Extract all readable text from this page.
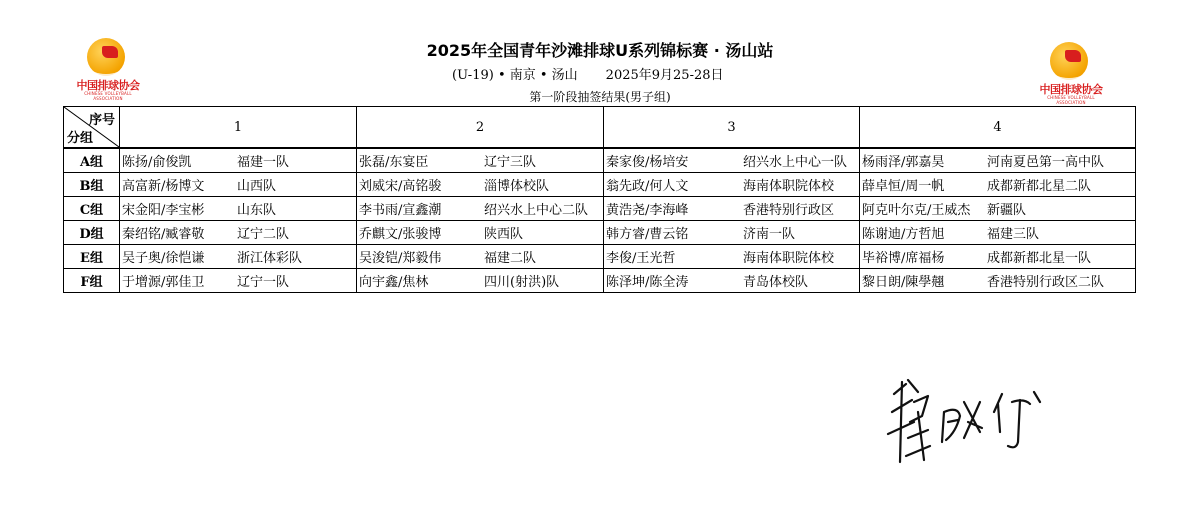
中国排球协会
CHINESE VOLLEYBALL ASSOCIATION
中国排球协会
CHINESE VOLLEYBALL ASSOCIATION
2025年全国青年沙滩排球U系列锦标赛 · 汤山站
(U-19) • 南京 • 汤山 2025年9月25-28日
第一阶段抽签结果(男子组)
序号
分组	1	2	3	4
A组	陈扬/俞俊凯 福建一队	张磊/东宴臣 辽宁三队	秦家俊/杨培安 绍兴水上中心一队	杨雨泽/郭嘉昊 河南夏邑第一高中队
B组	高富新/杨博文 山西队	刘威宋/高铭骏 淄博体校队	翁先政/何人文 海南体职院体校	薛卓恒/周一帆 成都新都北星二队
C组	宋金阳/李宝彬 山东队	李书雨/宣鑫潮 绍兴水上中心二队	黄浩尧/李海峰 香港特别行政区	阿克叶尔克/王威杰 新疆队
D组	秦绍铭/臧睿敬 辽宁二队	乔麒文/张骏博 陕西队	韩方睿/曹云铭 济南一队	陈谢迪/方哲旭 福建三队
E组	吴子奥/徐恺谦 浙江体彩队	吴浚铠/郑毅伟 福建二队	李俊/王光哲 海南体职院体校	毕裕博/席福杨 成都新都北星一队
F组	于增源/郭佳卫 辽宁一队	向宇鑫/焦林 四川(射洪)队	陈泽坤/陈全涛 青岛体校队	黎日朗/陳學翹 香港特别行政区二队
